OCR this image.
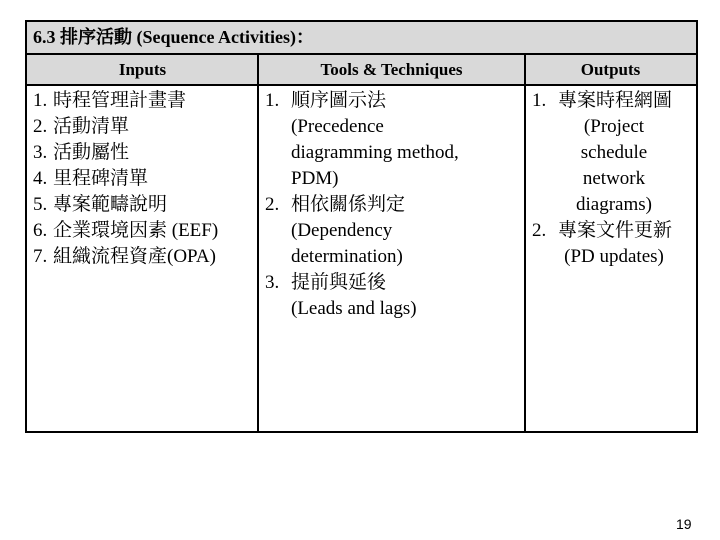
6.3 排序活動 (Sequence Activities)：
Inputs	Tools & Techniques	Outputs
1. 時程管理計畫書
2. 活動清單
3. 活動屬性
4. 里程碑清單
5. 專案範疇說明
6. 企業環境因素 (EEF)
7. 組織流程資產(OPA)
1. 順序圖示法
(Precedence
diagramming method,
PDM)
2. 相依關係判定
(Dependency
determination)
3. 提前與延後
(Leads and lags)
1. 專案時程網圖
(Project
schedule
network
diagrams)
2. 專案文件更新
(PD updates)
19
